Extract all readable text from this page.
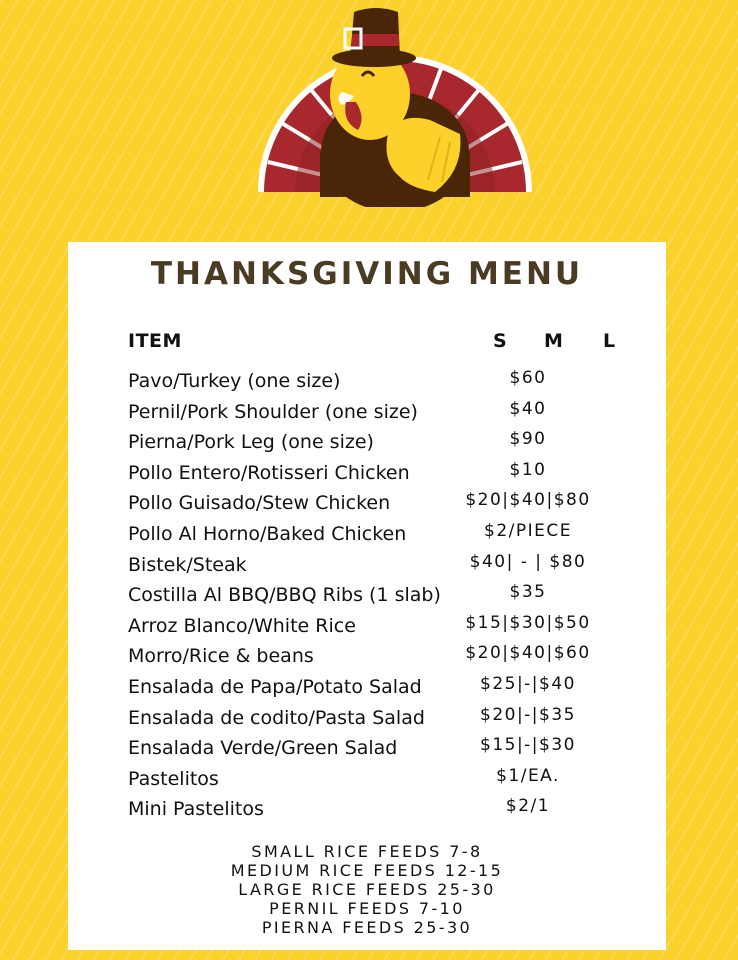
THANKSGIVING MENU
ITEM	S M L
Pavo/Turkey (one size)	$60
Pernil/Pork Shoulder (one size)	$40
Pierna/Pork Leg (one size)	$90
Pollo Entero/Rotisseri Chicken	$10
Pollo Guisado/Stew Chicken	$20|$40|$80
Pollo Al Horno/Baked Chicken	$2/PIECE
Bistek/Steak	$40| - | $80
Costilla Al BBQ/BBQ Ribs (1 slab)	$35
Arroz Blanco/White Rice	$15|$30|$50
Morro/Rice & beans	$20|$40|$60
Ensalada de Papa/Potato Salad	$25|-|$40
Ensalada de codito/Pasta Salad	$20|-|$35
Ensalada Verde/Green Salad	$15|-|$30
Pastelitos	$1/EA.
Mini Pastelitos	$2/1
SMALL RICE FEEDS 7-8
MEDIUM RICE FEEDS 12-15
LARGE RICE FEEDS 25-30
PERNIL FEEDS 7-10
PIERNA FEEDS 25-30
